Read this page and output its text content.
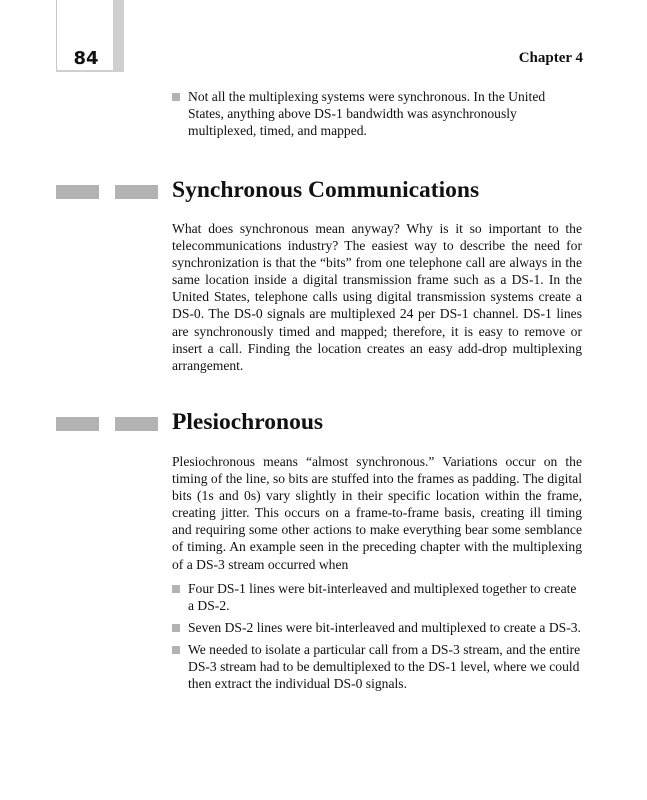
84	Chapter 4
Not all the multiplexing systems were synchronous. In the United States, anything above DS-1 bandwidth was asynchronously multiplexed, timed, and mapped.
Synchronous Communications

What does synchronous mean anyway? Why is it so important to the telecommunications industry? The easiest way to describe the need for synchronization is that the “bits” from one telephone call are always in the same location inside a digital transmission frame such as a DS-1. In the United States, telephone calls using digital transmission systems create a DS-0. The DS-0 signals are multiplexed 24 per DS-1 channel. DS-1 lines are synchronously timed and mapped; therefore, it is easy to remove or insert a call. Finding the location creates an easy add-drop multiplexing arrangement.

Plesiochronous

Plesiochronous means “almost synchronous.” Variations occur on the timing of the line, so bits are stuffed into the frames as padding. The digital bits (1s and 0s) vary slightly in their specific location within the frame, creating jitter. This occurs on a frame-to-frame basis, creating ill timing and requiring some other actions to make everything bear some semblance of timing. An example seen in the preceding chapter with the multiplexing of a DS-3 stream occurred when

Four DS-1 lines were bit-interleaved and multiplexed together to create a DS-2.
Seven DS-2 lines were bit-interleaved and multiplexed to create a DS-3.
We needed to isolate a particular call from a DS-3 stream, and the entire DS-3 stream had to be demultiplexed to the DS-1 level, where we could then extract the individual DS-0 signals.
